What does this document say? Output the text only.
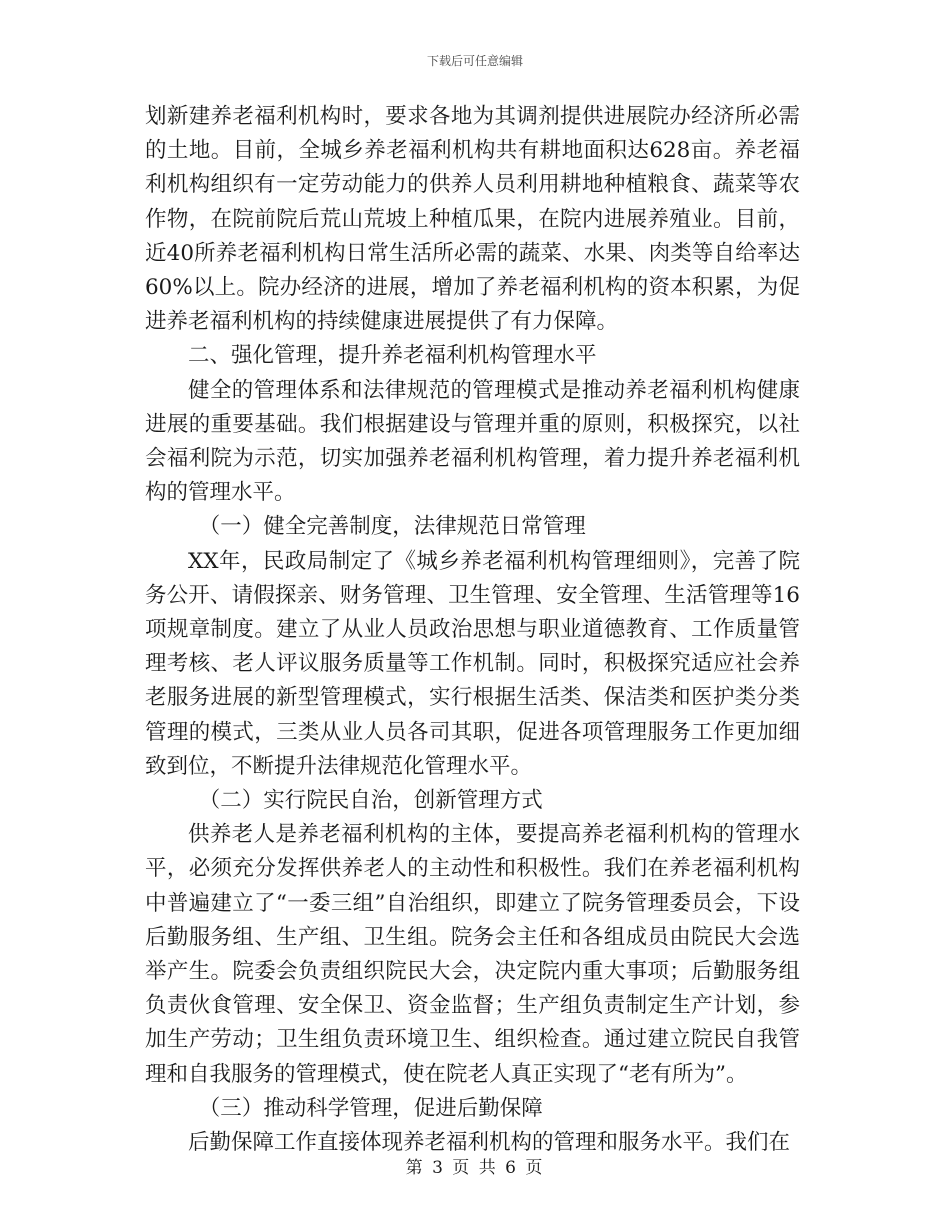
下载后可任意编辑

划新建养老福利机构时，要求各地为其调剂提供进展院办经济所必需的土地。目前，全城乡养老福利机构共有耕地面积达628亩。养老福利机构组织有一定劳动能力的供养人员利用耕地种植粮食、蔬菜等农作物，在院前院后荒山荒坡上种植瓜果，在院内进展养殖业。目前，近40所养老福利机构日常生活所必需的蔬菜、水果、肉类等自给率达60%以上。院办经济的进展，增加了养老福利机构的资本积累，为促进养老福利机构的持续健康进展提供了有力保障。

二、强化管理，提升养老福利机构管理水平

健全的管理体系和法律规范的管理模式是推动养老福利机构健康进展的重要基础。我们根据建设与管理并重的原则，积极探究，以社会福利院为示范，切实加强养老福利机构管理，着力提升养老福利机构的管理水平。

（一）健全完善制度，法律规范日常管理

XX年，民政局制定了《城乡养老福利机构管理细则》，完善了院务公开、请假探亲、财务管理、卫生管理、安全管理、生活管理等16项规章制度。建立了从业人员政治思想与职业道德教育、工作质量管理考核、老人评议服务质量等工作机制。同时，积极探究适应社会养老服务进展的新型管理模式，实行根据生活类、保洁类和医护类分类管理的模式，三类从业人员各司其职，促进各项管理服务工作更加细致到位，不断提升法律规范化管理水平。

（二）实行院民自治，创新管理方式

供养老人是养老福利机构的主体，要提高养老福利机构的管理水平，必须充分发挥供养老人的主动性和积极性。我们在养老福利机构中普遍建立了“一委三组”自治组织，即建立了院务管理委员会，下设后勤服务组、生产组、卫生组。院务会主任和各组成员由院民大会选举产生。院委会负责组织院民大会，决定院内重大事项；后勤服务组负责伙食管理、安全保卫、资金监督；生产组负责制定生产计划，参加生产劳动；卫生组负责环境卫生、组织检查。通过建立院民自我管理和自我服务的管理模式，使在院老人真正实现了“老有所为”。

（三）推动科学管理，促进后勤保障

后勤保障工作直接体现养老福利机构的管理和服务水平。我们在

第 3 页 共 6 页
